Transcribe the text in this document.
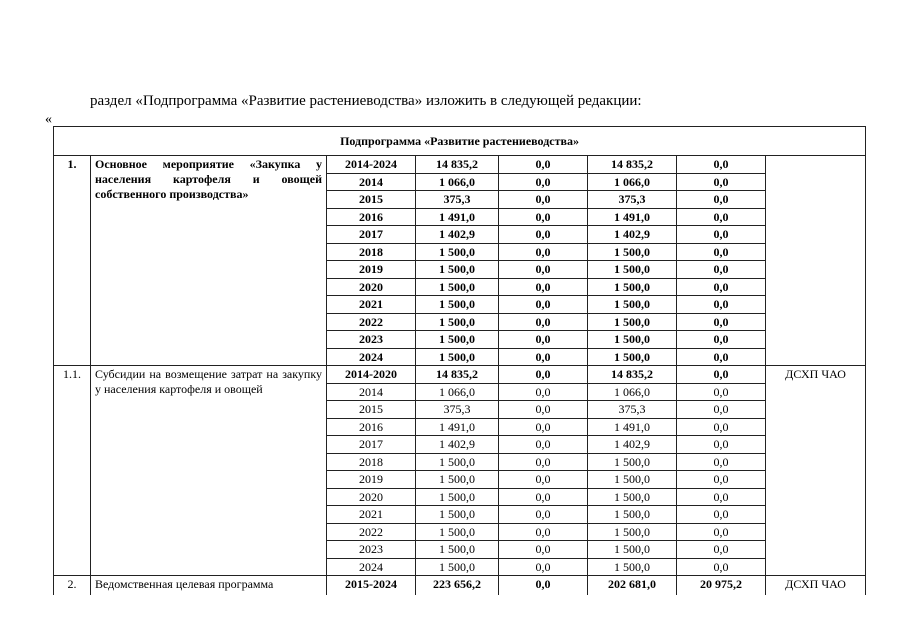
раздел «Подпрограмма «Развитие растениеводства» изложить в следующей редакции:
«
Подпрограмма «Развитие растениеводства»							
1.	Основное мероприятие «Закупка у населения картофеля и овощей собственного производства»	2014-2024	14 835,2	0,0	14 835,2	0,0	
		2014	1 066,0	0,0	1 066,0	0,0	
		2015	375,3	0,0	375,3	0,0	
		2016	1 491,0	0,0	1 491,0	0,0	
		2017	1 402,9	0,0	1 402,9	0,0	
		2018	1 500,0	0,0	1 500,0	0,0	
		2019	1 500,0	0,0	1 500,0	0,0	
		2020	1 500,0	0,0	1 500,0	0,0	
		2021	1 500,0	0,0	1 500,0	0,0	
		2022	1 500,0	0,0	1 500,0	0,0	
		2023	1 500,0	0,0	1 500,0	0,0	
		2024	1 500,0	0,0	1 500,0	0,0	
1.1.	Субсидии на возмещение затрат на закупку у населения картофеля и овощей	2014-2020	14 835,2	0,0	14 835,2	0,0	ДСХП ЧАО
		2014	1 066,0	0,0	1 066,0	0,0	
		2015	375,3	0,0	375,3	0,0	
		2016	1 491,0	0,0	1 491,0	0,0	
		2017	1 402,9	0,0	1 402,9	0,0	
		2018	1 500,0	0,0	1 500,0	0,0	
		2019	1 500,0	0,0	1 500,0	0,0	
		2020	1 500,0	0,0	1 500,0	0,0	
		2021	1 500,0	0,0	1 500,0	0,0	
		2022	1 500,0	0,0	1 500,0	0,0	
		2023	1 500,0	0,0	1 500,0	0,0	
		2024	1 500,0	0,0	1 500,0	0,0	
2.	Ведомственная целевая программа	2015-2024	223 656,2	0,0	202 681,0	20 975,2	ДСХП ЧАО
